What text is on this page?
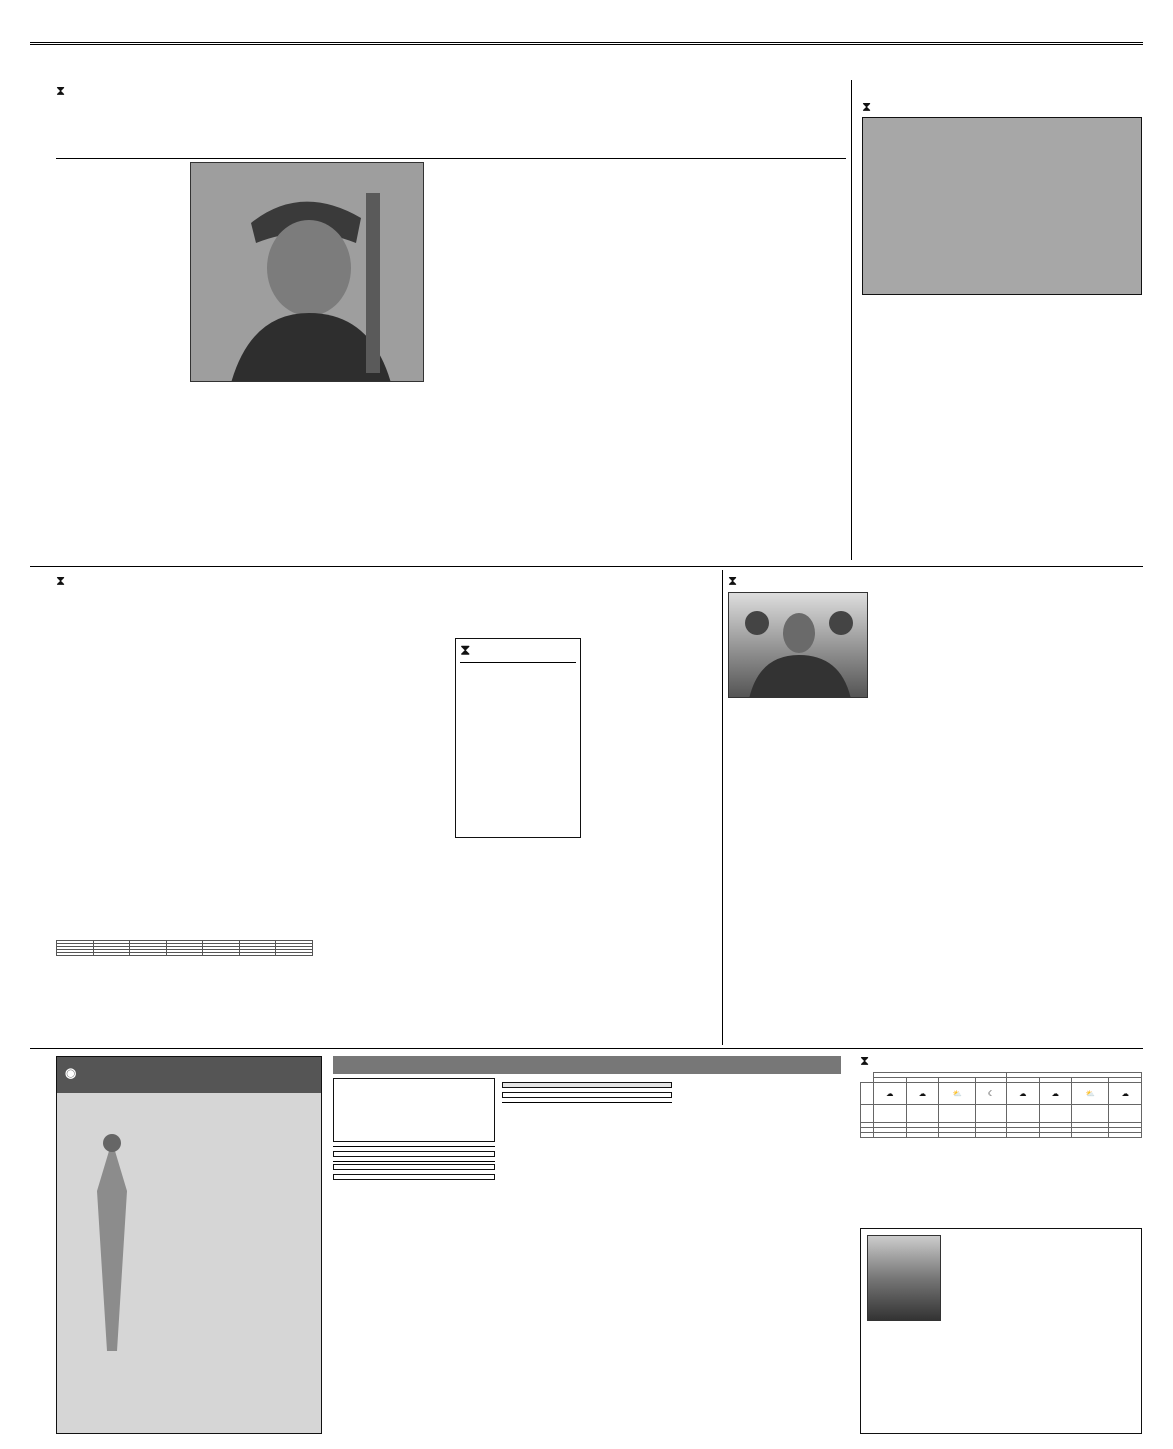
⧗
⧗

⧗
⧗

⧗
◉
⧗

	☁	☁	⛅	☾	☁	☁	⛅	☁
